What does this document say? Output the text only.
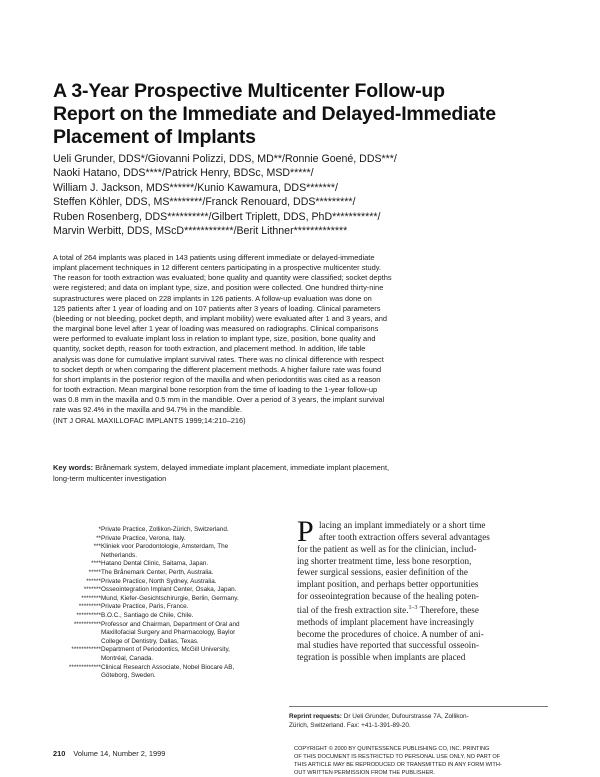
A 3-Year Prospective Multicenter Follow-up
Report on the Immediate and Delayed-Immediate
Placement of Implants
Ueli Grunder, DDS*/Giovanni Polizzi, DDS, MD**/Ronnie Goené, DDS***/
Naoki Hatano, DDS****/Patrick Henry, BDSc, MSD*****/
William J. Jackson, MDS******/Kunio Kawamura, DDS*******/
Steffen Köhler, DDS, MS********/Franck Renouard, DDS*********/
Ruben Rosenberg, DDS**********/Gilbert Triplett, DDS, PhD***********/
Marvin Werbitt, DDS, MScD************/Berit Lithner*************
A total of 264 implants was placed in 143 patients using different immediate or delayed-immediate
implant placement techniques in 12 different centers participating in a prospective multicenter study.
The reason for tooth extraction was evaluated; bone quality and quantity were classified; socket depths
were registered; and data on implant type, size, and position were collected. One hundred thirty-nine
suprastructures were placed on 228 implants in 126 patients. A follow-up evaluation was done on
125 patients after 1 year of loading and on 107 patients after 3 years of loading. Clinical parameters
(bleeding or not bleeding, pocket depth, and implant mobility) were evaluated after 1 and 3 years, and
the marginal bone level after 1 year of loading was measured on radiographs. Clinical comparisons
were performed to evaluate implant loss in relation to implant type, size, position, bone quality and
quantity, socket depth, reason for tooth extraction, and placement method. In addition, life table
analysis was done for cumulative implant survival rates. There was no clinical difference with respect
to socket depth or when comparing the different placement methods. A higher failure rate was found
for short implants in the posterior region of the maxilla and when periodontitis was cited as a reason
for tooth extraction. Mean marginal bone resorption from the time of loading to the 1-year follow-up
was 0.8 mm in the maxilla and 0.5 mm in the mandible. Over a period of 3 years, the implant survival
rate was 92.4% in the maxilla and 94.7% in the mandible.
(INT J ORAL MAXILLOFAC IMPLANTS 1999;14:210–216)
Key words: Brånemark system, delayed immediate implant placement, immediate implant placement,
long-term multicenter investigation
* Private Practice, Zollikon-Zürich, Switzerland.
** Private Practice, Verona, Italy.
*** Kliniek voor Parodontologie, Amsterdam, The
Netherlands.
**** Hatano Dental Clinic, Saitama, Japan.
***** The Brånemark Center, Perth, Australia.
****** Private Practice, North Sydney, Australia.
******* Osseointegration Implant Center, Osaka, Japan.
******** Mund, Kiefer-Gesichtschirurgie, Berlin, Germany.
********* Private Practice, Paris, France.
********** B.O.C., Santiago de Chile, Chile.
*********** Professor and Chairman, Department of Oral and
Maxillofacial Surgery and Pharmacology, Baylor
College of Dentistry, Dallas, Texas.
************ Department of Periodontics, McGill University,
Montréal, Canada.
************* Clinical Research Associate, Nobel Biocare AB,
Göteborg, Sweden.
P lacing an implant immediately or a short time
after tooth extraction offers several advantages
for the patient as well as for the clinician, includ-
ing shorter treatment time, less bone resorption,
fewer surgical sessions, easier definition of the
implant position, and perhaps better opportunities
for osseointegration because of the healing poten-
tial of the fresh extraction site.$^{1-3}$ Therefore, these
methods of implant placement have increasingly
become the procedures of choice. A number of ani-
mal studies have reported that successful osseoin-
tegration is possible when implants are placed
Reprint requests: Dr Ueli Grunder, Dufourstrasse 7A, Zollikon-
Zürich, Switzerland. Fax: +41-1-391-89-20.
COPYRIGHT © 2000 BY QUINTESSENCE PUBLISHING CO, INC. PRINTING
OF THIS DOCUMENT IS RESTRICTED TO PERSONAL USE ONLY. NO PART OF
THIS ARTICLE MAY BE REPRODUCED OR TRANSMITTED IN ANY FORM WITH-
OUT WRITTEN PERMISSION FROM THE PUBLISHER.
210 Volume 14, Number 2, 1999
